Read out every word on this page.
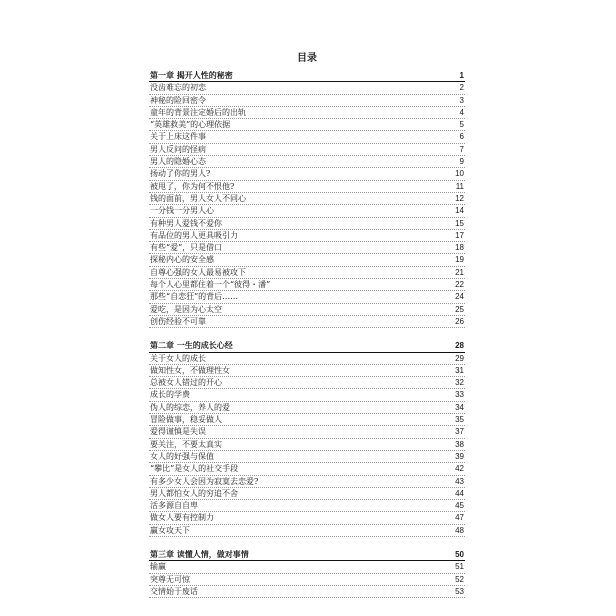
目录
第一章 揭开人性的秘密	1
没齿难忘的初恋	2
神秘的险回密令	3
童年的背景注定婚后的出轨	4
“英雄救美”的心理依据	5
关于上床这件事	6
男人反问的怪病	7
男人的隐婚心态	9
扬动了你的男人?	10
被甩了，你为何不恨他?	11
钱的面前，男人女人不同心	12
一分钱一分男人心	14
有种男人爱钱不爱你	15
有品位的男人更具吸引力	17
有些“爱”，只是借口	18
探秘内心的安全感	19
自尊心强的女人最易被攻下	21
每个人心里都住着一个“彼得・潘”	22
那些“自恋狂”的背后……	24
爱吃，是因为心太空	25
创伤经验不可靠	26
第二章 一生的成长心经	28
关于女人的成长	29
做知性女，不做理性女	31
总被女人错过的开心	32
成长的学费	33
伪人的综恋，养人的爱	34
冒险做事，稳妥做人	35
爱得谨慎是失误	37
要关注，不要太真实	38
女人的好强与保值	39
“攀比”是女人的社交手段	42
有多少女人会因为寂寞去恋爱?	43
男人都怕女人的穷追不舍	44
活多源自自卑	45
做女人要有控制力	47
赢女攻天下	48
第三章 读懂人情，做对事情	50
输赢	51
突尊无可惊	52
交情始于废话	53
